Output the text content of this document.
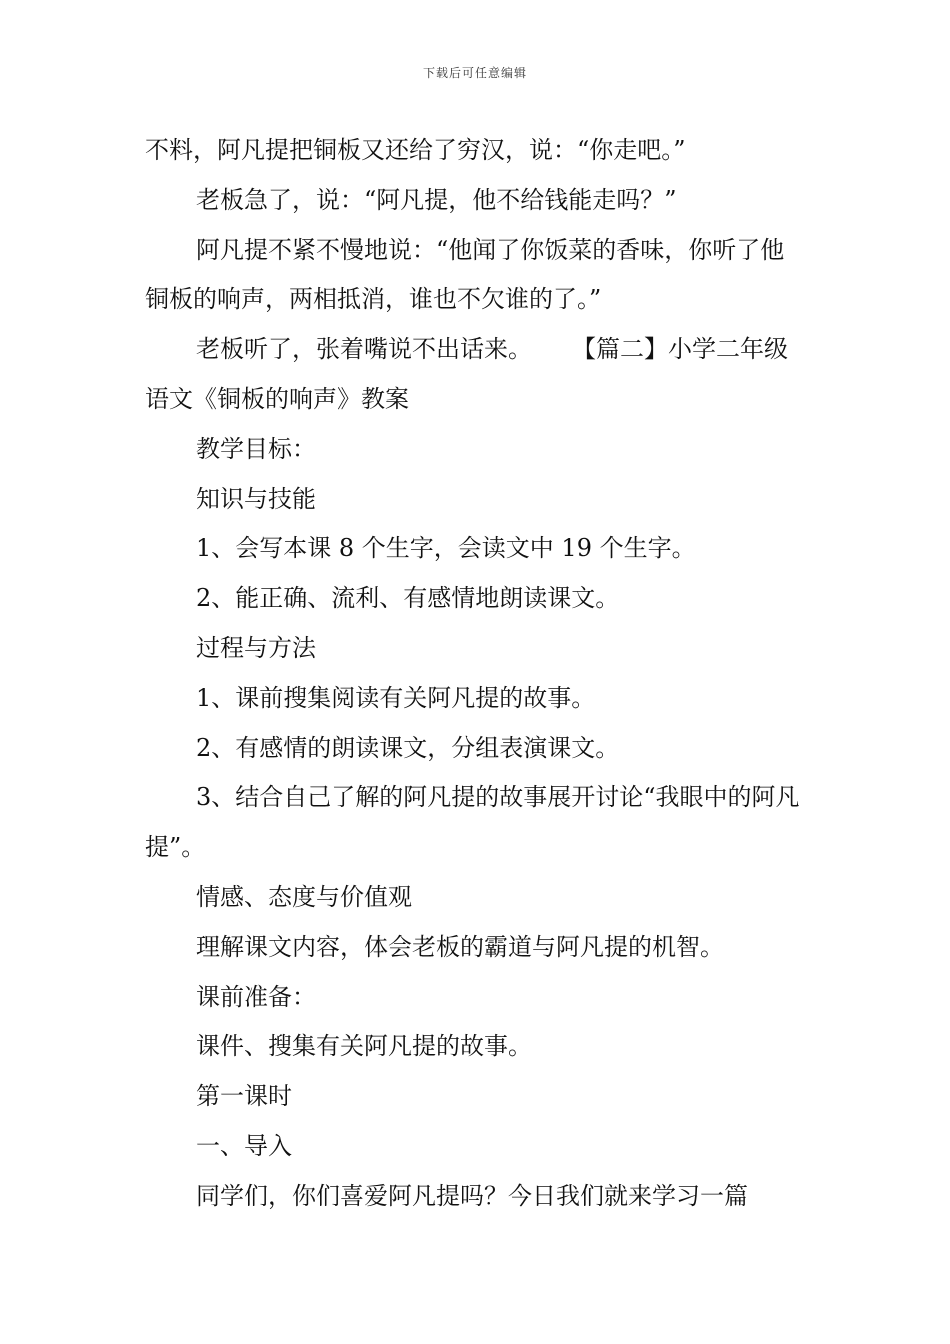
下载后可任意编辑

不料，阿凡提把铜板又还给了穷汉，说：“你走吧。”

老板急了，说：“阿凡提，他不给钱能走吗？”

阿凡提不紧不慢地说：“他闻了你饭菜的香味，你听了他铜板的响声，两相抵消，谁也不欠谁的了。”

老板听了，张着嘴说不出话来。 【篇二】小学二年级语文《铜板的响声》教案

教学目标：

知识与技能

1、会写本课 8 个生字，会读文中 19 个生字。

2、能正确、流利、有感情地朗读课文。

过程与方法

1、课前搜集阅读有关阿凡提的故事。

2、有感情的朗读课文，分组表演课文。

3、结合自己了解的阿凡提的故事展开讨论“我眼中的阿凡提”。

情感、态度与价值观

理解课文内容，体会老板的霸道与阿凡提的机智。

课前准备：

课件、搜集有关阿凡提的故事。

第一课时

一、导入

同学们，你们喜爱阿凡提吗？今日我们就来学习一篇
